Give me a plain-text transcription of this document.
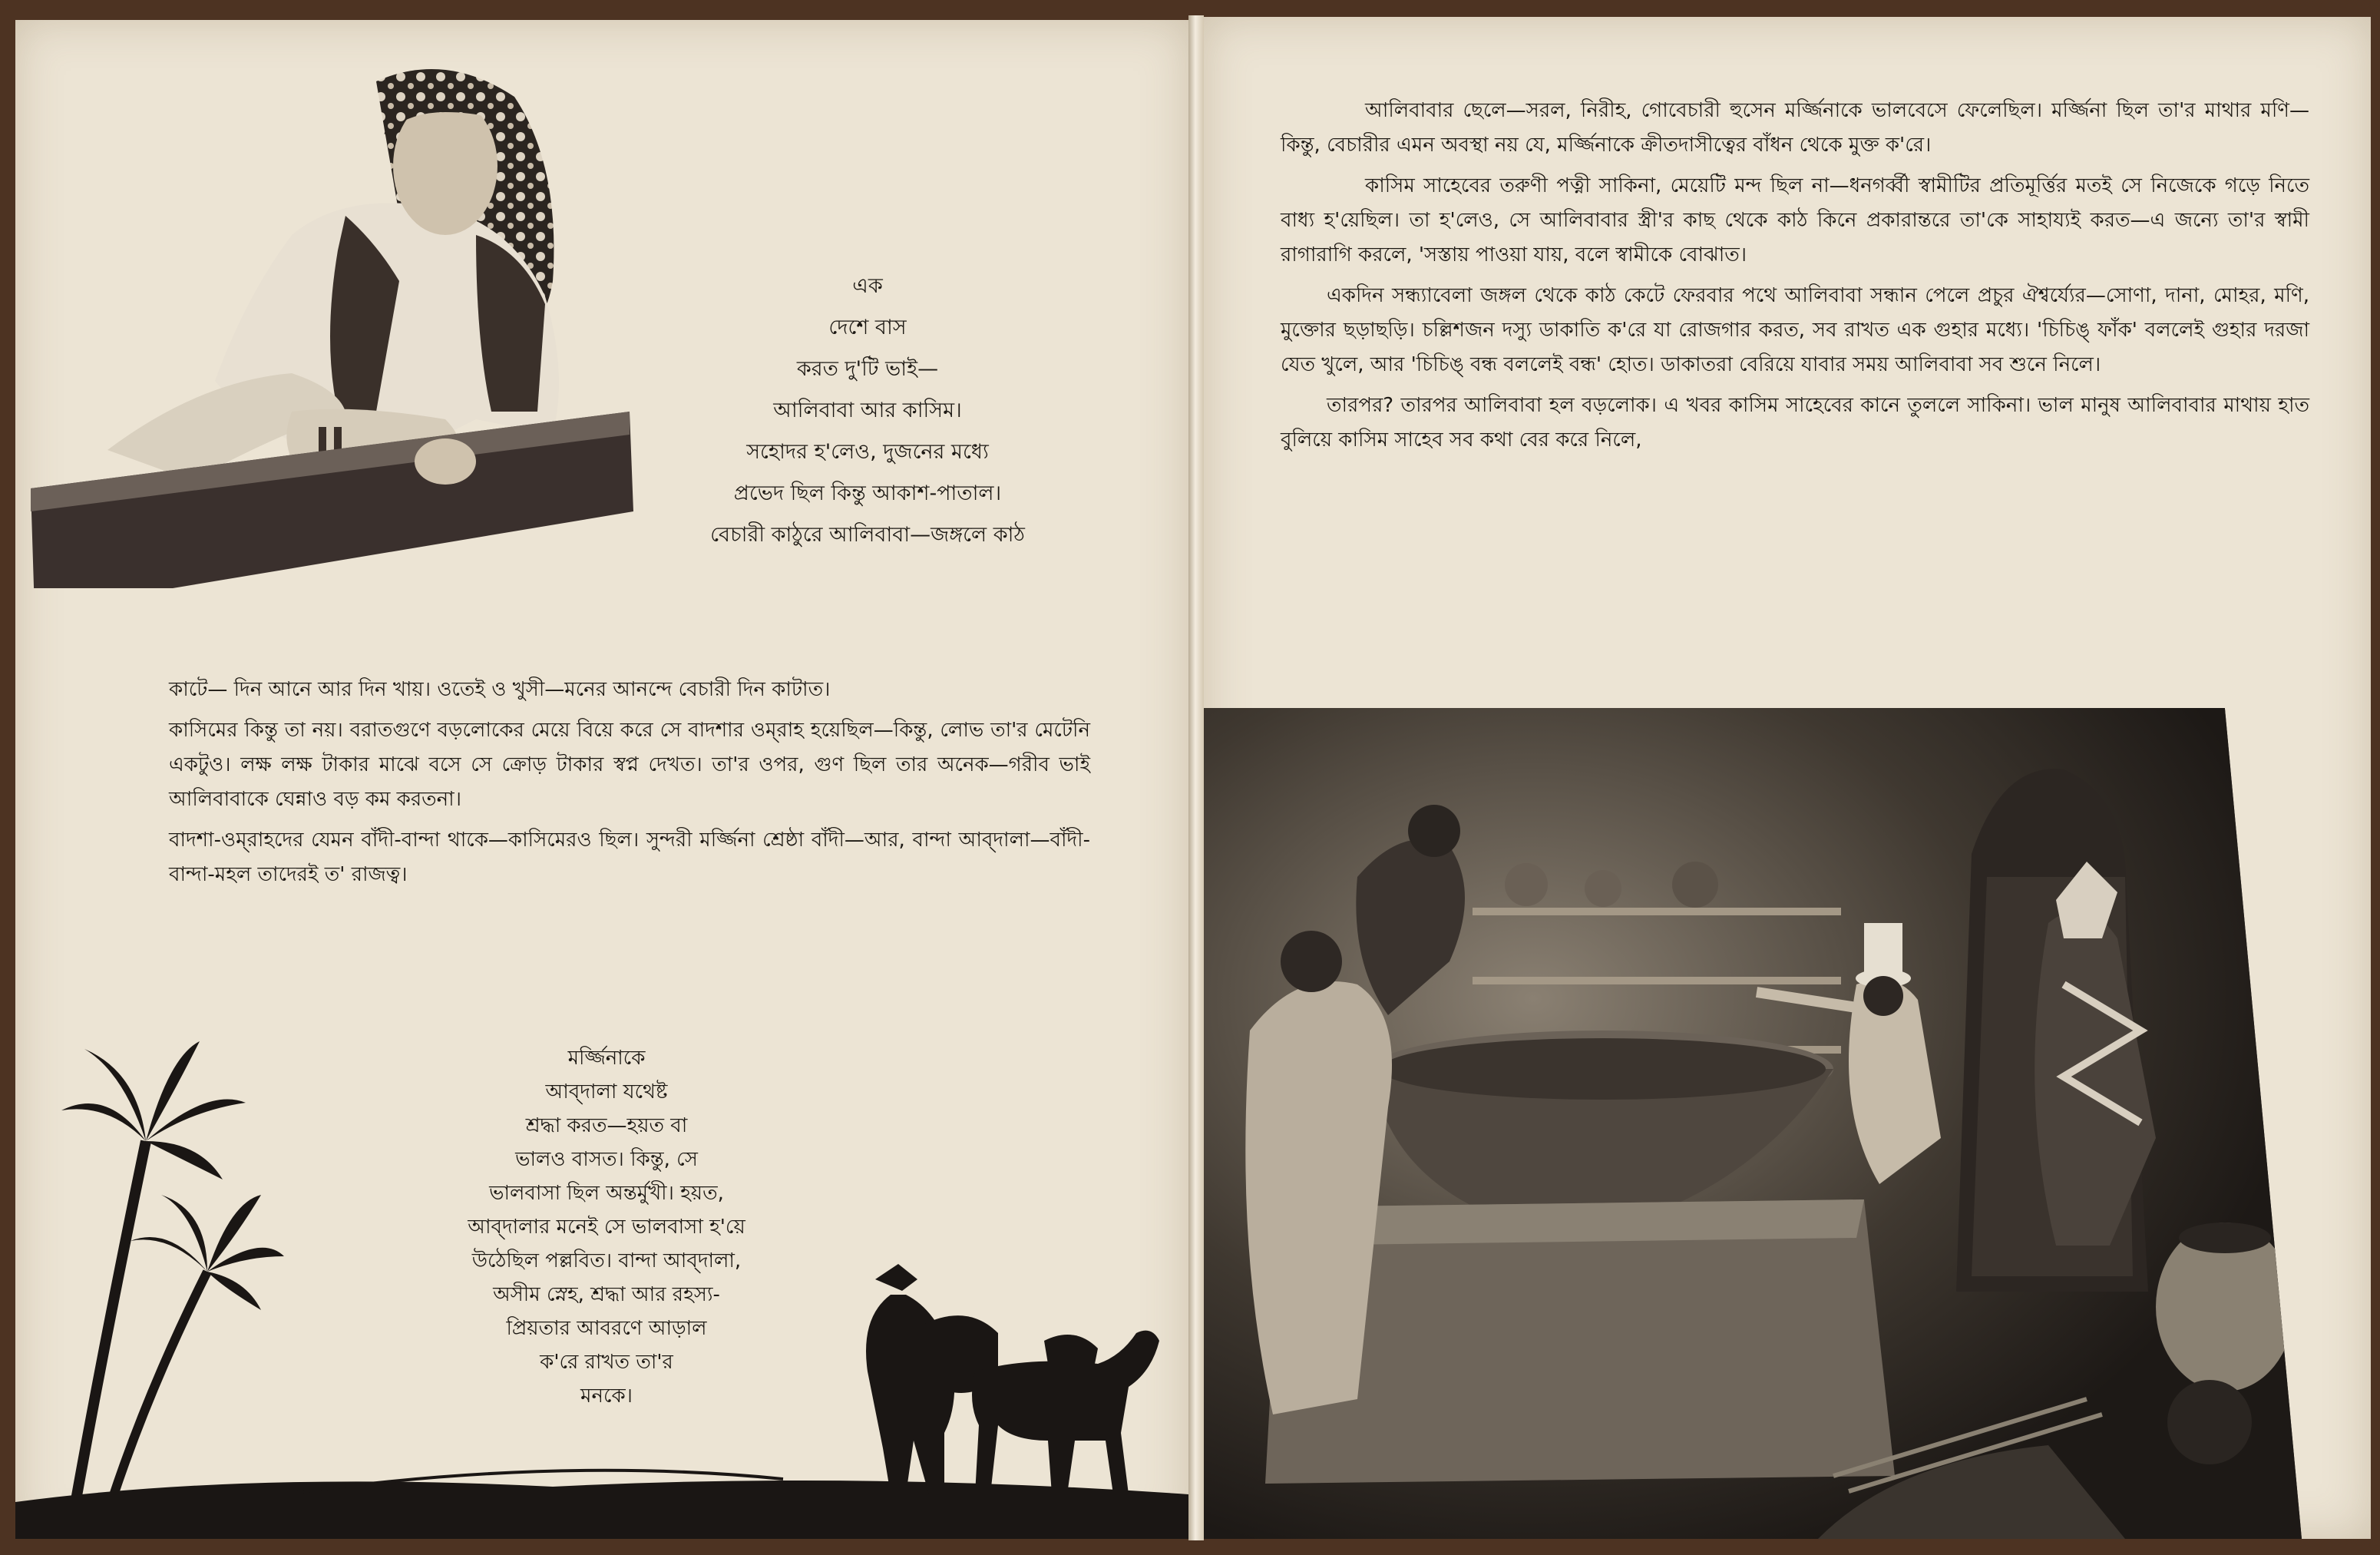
এক
দেশে বাস
করত দু'টি ভাই—
আলিবাবা আর কাসিম।
সহোদর হ'লেও, দুজনের মধ্যে
প্রভেদ ছিল কিন্তু আকাশ-পাতাল।
বেচারী কাঠুরে আলিবাবা—জঙ্গলে কাঠ

কাটে— দিন আনে আর দিন খায়। ওতেই ও খুসী—মনের আনন্দে বেচারী দিন কাটাত।

কাসিমের কিন্তু তা নয়। বরাতগুণে বড়লোকের মেয়ে বিয়ে করে সে বাদশার ওম্‌রাহ হয়েছিল—কিন্তু, লোভ তা'র মেটেনি একটুও। লক্ষ লক্ষ টাকার মাঝে বসে সে ক্রোড় টাকার স্বপ্ন দেখত। তা'র ওপর, গুণ ছিল তার অনেক—গরীব ভাই আলিবাবাকে ঘেন্নাও বড় কম করতনা।

বাদশা-ওম্‌রাহদের যেমন বাঁদী-বান্দা থাকে—কাসিমেরও ছিল। সুন্দরী মর্জ্জিনা শ্রেষ্ঠা বাঁদী—আর, বান্দা আব্‌দালা—বাঁদী-বান্দা-মহল তাদেরই ত' রাজত্ব।

মর্জ্জিনাকে
আব্‌দালা যথেষ্ট
শ্রদ্ধা করত—হয়ত বা
ভালও বাসত। কিন্তু, সে
ভালবাসা ছিল অন্তর্মুখী। হয়ত,
আব্‌দালার মনেই সে ভালবাসা হ'য়ে
উঠেছিল পল্লবিত। বান্দা আব্‌দালা,
অসীম স্নেহ, শ্রদ্ধা আর রহস্য-
প্রিয়তার আবরণে আড়াল
ক'রে রাখত তা'র
মনকে।

আলিবাবার ছেলে—সরল, নিরীহ, গোবেচারী হুসেন মর্জ্জিনাকে ভালবেসে ফেলেছিল। মর্জ্জিনা ছিল তা'র মাথার মণি—কিন্তু, বেচারীর এমন অবস্থা নয় যে, মর্জ্জিনাকে ক্রীতদাসীত্বের বাঁধন থেকে মুক্ত ক'রে।

কাসিম সাহেবের তরুণী পত্নী সাকিনা, মেয়েটি মন্দ ছিল না—ধনগর্ব্বী স্বামীটির প্রতিমূর্ত্তির মতই সে নিজেকে গড়ে নিতে বাধ্য হ'য়েছিল। তা হ'লেও, সে আলিবাবার স্ত্রী'র কাছ থেকে কাঠ কিনে প্রকারান্তরে তা'কে সাহায্যই করত—এ জন্যে তা'র স্বামী রাগারাগি করলে, 'সস্তায় পাওয়া যায়, বলে স্বামীকে বোঝাত।

একদিন সন্ধ্যাবেলা জঙ্গল থেকে কাঠ কেটে ফেরবার পথে আলিবাবা সন্ধান পেলে প্রচুর ঐশ্বর্য্যের—সোণা, দানা, মোহর, মণি, মুক্তোর ছড়াছড়ি। চল্লিশজন দস্যু ডাকাতি ক'রে যা রোজগার করত, সব রাখত এক গুহার মধ্যে। 'চিচিঙ্‌ ফাঁক' বললেই গুহার দরজা যেত খুলে, আর 'চিচিঙ্‌ বন্ধ বললেই বন্ধ' হোত। ডাকাতরা বেরিয়ে যাবার সময় আলিবাবা সব শুনে নিলে।

তারপর? তারপর আলিবাবা হল বড়লোক। এ খবর কাসিম সাহেবের কানে তুললে সাকিনা। ভাল মানুষ আলিবাবার মাথায় হাত বুলিয়ে কাসিম সাহেব সব কথা বের করে নিলে,
